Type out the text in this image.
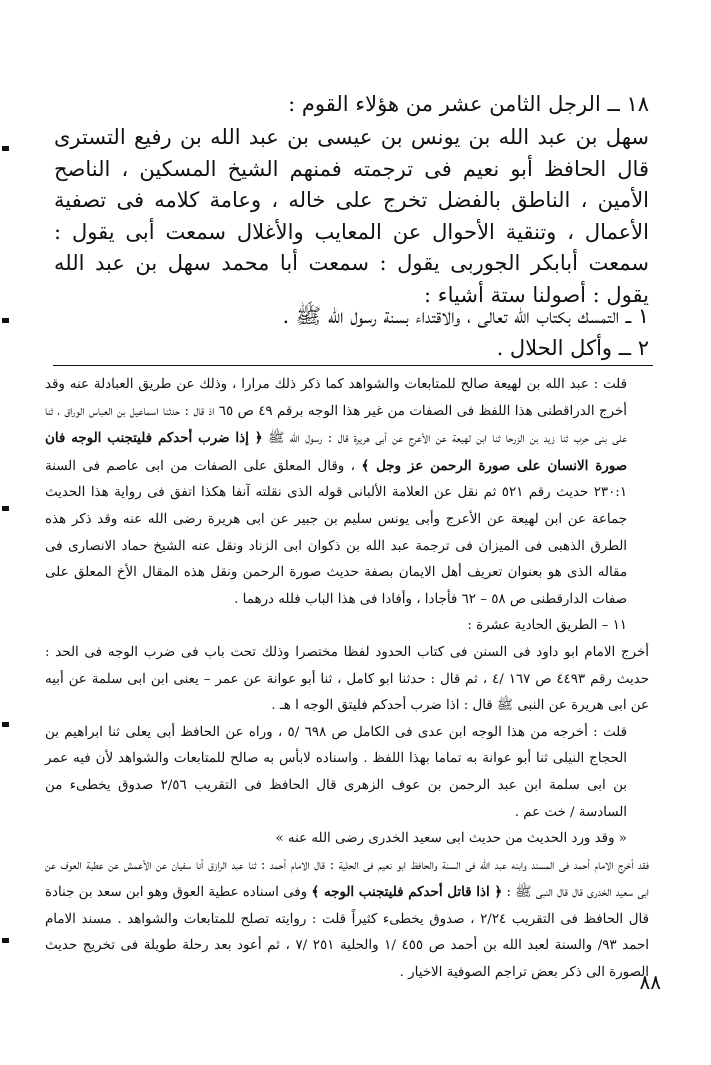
١٨ ــ الرجل الثامن عشر من هؤلاء القوم :
سهل بن عبد الله بن يونس بن عيسى بن عبد الله بن رفيع التسترى قال الحافظ أبو نعيم فى ترجمته فمنهم الشيخ المسكين ، الناصح الأمين ، الناطق بالفضل تخرج على خاله ، وعامة كلامه فى تصفية الأعمال ، وتنقية الأحوال عن المعايب والأغلال سمعت أبى يقول : سمعت أبابكر الجوربى يقول : سمعت أبا محمد سهل بن عبد الله يقول : أصولنا ستة أشياء :
١ ــ التمسك بكتاب الله تعالى ، والاقتداء بسنة رسول الله ﷺ .
٢ ــ وأكل الحلال .

قلت : عبد الله بن لهيعة صالح للمتابعات والشواهد كما ذكر ذلك مرارا ، وذلك عن طريق العبادلة عنه وقد أخرج الدراقطنى هذا اللفظ فى الصفات من غير هذا الوجه برقم ٤٩ ص ٦٥ اذ قال : حدثنا اسماعيل بن العباس الوراق ، ثنا على بنى حرب ثنا زيد بن الزرحا ثنا ابن لهيعة عن الأعرج عن أبى هريرة قال : رسول الله ﷺ ﴿ إذا ضرب أحدكم فليتجنب الوجه فان صورة الانسان على صورة الرحمن عز وجل ﴾ ، وقال المعلق على الصفات من ابى عاصم فى السنة ٢٣٠:١ حديث رقم ٥٢١ ثم نقل عن العلامة الألبانى قوله الذى نقلته آنفا هكذا اتفق فى رواية هذا الحديث جماعة عن ابن لهيعة عن الأعرج وأبى يونس سليم بن جبير عن ابى هريرة رضى الله عنه وقد ذكر هذه الطرق الذهبى فى الميزان فى ترجمة عبد الله بن ذكوان ابى الزناد ونقل عنه الشيخ حماد الانصارى فى مقاله الذى هو بعنوان تعريف أهل الايمان بصفة حديث صورة الرحمن ونقل هذه المقال الأخ المعلق على صفات الدارقطنى ص ٥٨ – ٦٢ فأجادا ، وأفادا فى هذا الباب فلله درهما .

١١ – الطريق الحادية عشرة :

أخرج الامام ابو داود فى السنن فى كتاب الحدود لفظا مختصرا وذلك تحت باب فى ضرب الوجه فى الحد : حديث رقم ٤٤٩٣ ص ١٦٧ /٤ ، ثم قال : حدثنا ابو كامل ، ثنا أبو عوانة عن عمر – يعنى ابن ابى سلمة عن أبيه عن ابى هريرة عن النبى ﷺ قال : اذا ضرب أحدكم فليتق الوجه ا هـ .

قلت : أخرجه من هذا الوجه ابن عدى فى الكامل ص ٦٩٨ /٥ ، وراه عن الحافظ أبى يعلى ثنا ابراهيم بن الحجاج النيلى ثنا أبو عوانة به تماما بهذا اللفظ . واسناده لابأس به صالح للمتابعات والشواهد لأن فيه عمر بن ابى سلمة ابن عبد الرحمن بن عوف الزهرى قال الحافظ فى التقريب ٢/٥٦ صدوق يخطىء من السادسة / خت عم .

« وقد ورد الحديث من حديث ابى سعيد الخدرى رضى الله عنه »

فقد أخرج الامام أحمد فى المسند وابنه عبد الله فى السنة والحافظ ابو نعيم فى الحلية : قال الامام أحمد : ثنا عبد الرازق أنا سفيان عن الأعمش عن عطية العوف عن ابى سعيد الخدرى قال قال النبى ﷺ : ﴿ اذا قاتل أحدكم فليتجنب الوجه ﴾ وفى اسناده عطية العوق وهو ابن سعد بن جنادة قال الحافظ فى التقريب ٢/٢٤ ، صدوق يخطىء كثيراً قلت : روايته تصلح للمتابعات والشواهد . مسند الامام احمد ٩٣/ والسنة لعبد الله بن أحمد ص ٤٥٥ /١ والحلية ٢٥١ /٧ ، ثم أعود بعد رحلة طويلة فى تخريج حديث الصورة الى ذكر بعض تراجم الصوفية الاخيار .

٨٨
